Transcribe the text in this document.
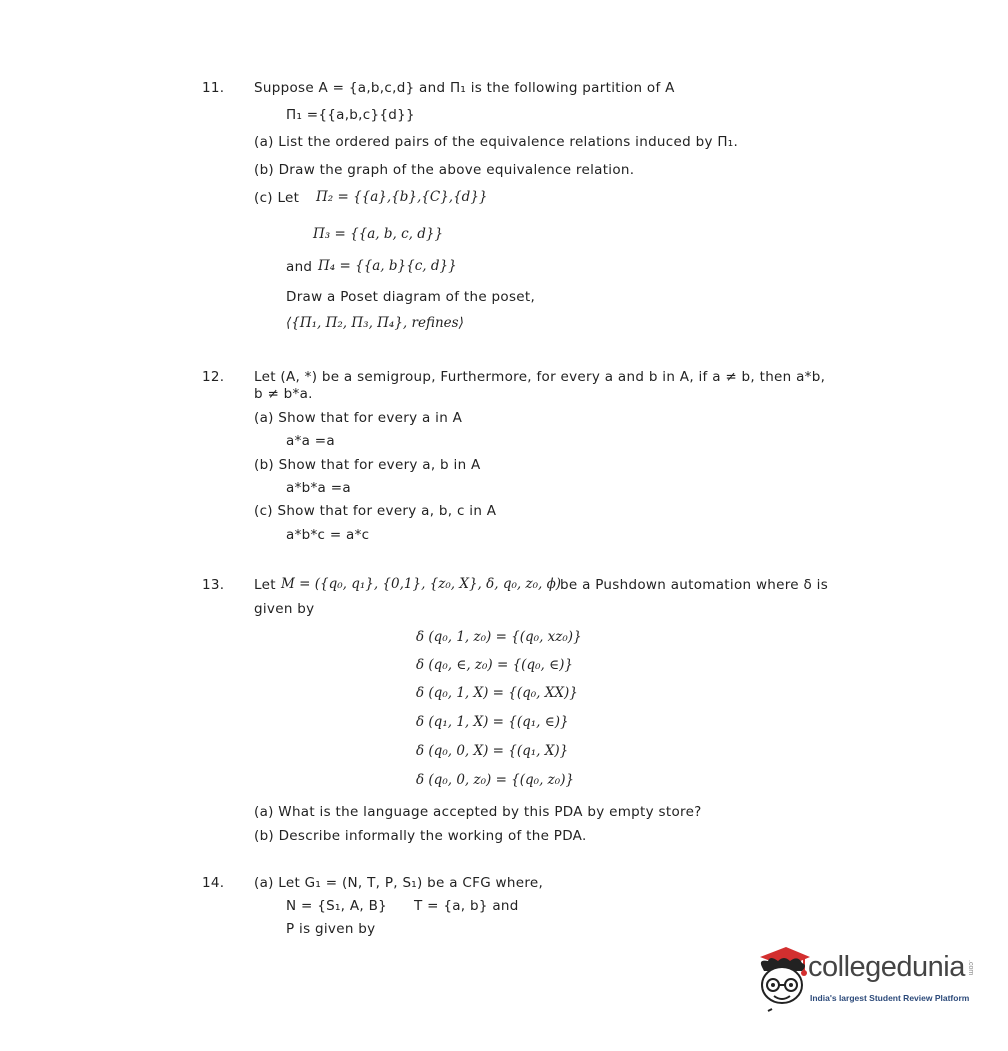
11. Suppose A = {a,b,c,d} and Π₁ is the following partition of A
Π₁ ={{a,b,c}{d}}
(a) List the ordered pairs of the equivalence relations induced by Π₁.
(b) Draw the graph of the above equivalence relation.
(c) Let Π₂ = {{a},{b},{C},{d}}
Π₃ = {{a, b, c, d}}
and Π₄ = {{a, b}{c, d}}
Draw a Poset diagram of the poset,
⟨{Π₁, Π₂, Π₃, Π₄}, refines⟩
12. Let (A, *) be a semigroup, Furthermore, for every a and b in A, if a ≠ b, then a*b,
b ≠ b*a.
(a) Show that for every a in A
a*a =a
(b) Show that for every a, b in A
a*b*a =a
(c) Show that for every a, b, c in A
a*b*c = a*c
13. Let M = ({q₀, q₁}, {0,1}, {z₀, X}, δ, q₀, z₀, ϕ)
be a Pushdown automation where δ is
given by
δ (q₀, 1, z₀) = {(q₀, xz₀)}
δ (q₀, ∈, z₀) = {(q₀, ∈)}
δ (q₀, 1, X) = {(q₀, XX)}
δ (q₁, 1, X) = {(q₁, ∈)}
δ (q₀, 0, X) = {(q₁, X)}
δ (q₀, 0, z₀) = {(q₀, z₀)}
(a) What is the language accepted by this PDA by empty store?
(b) Describe informally the working of the PDA.
14. (a) Let G₁ = (N, T, P, S₁) be a CFG where,
N = {S₁, A, B} T = {a, b} and
P is given by
collegedunia .com
India's largest Student Review Platform
